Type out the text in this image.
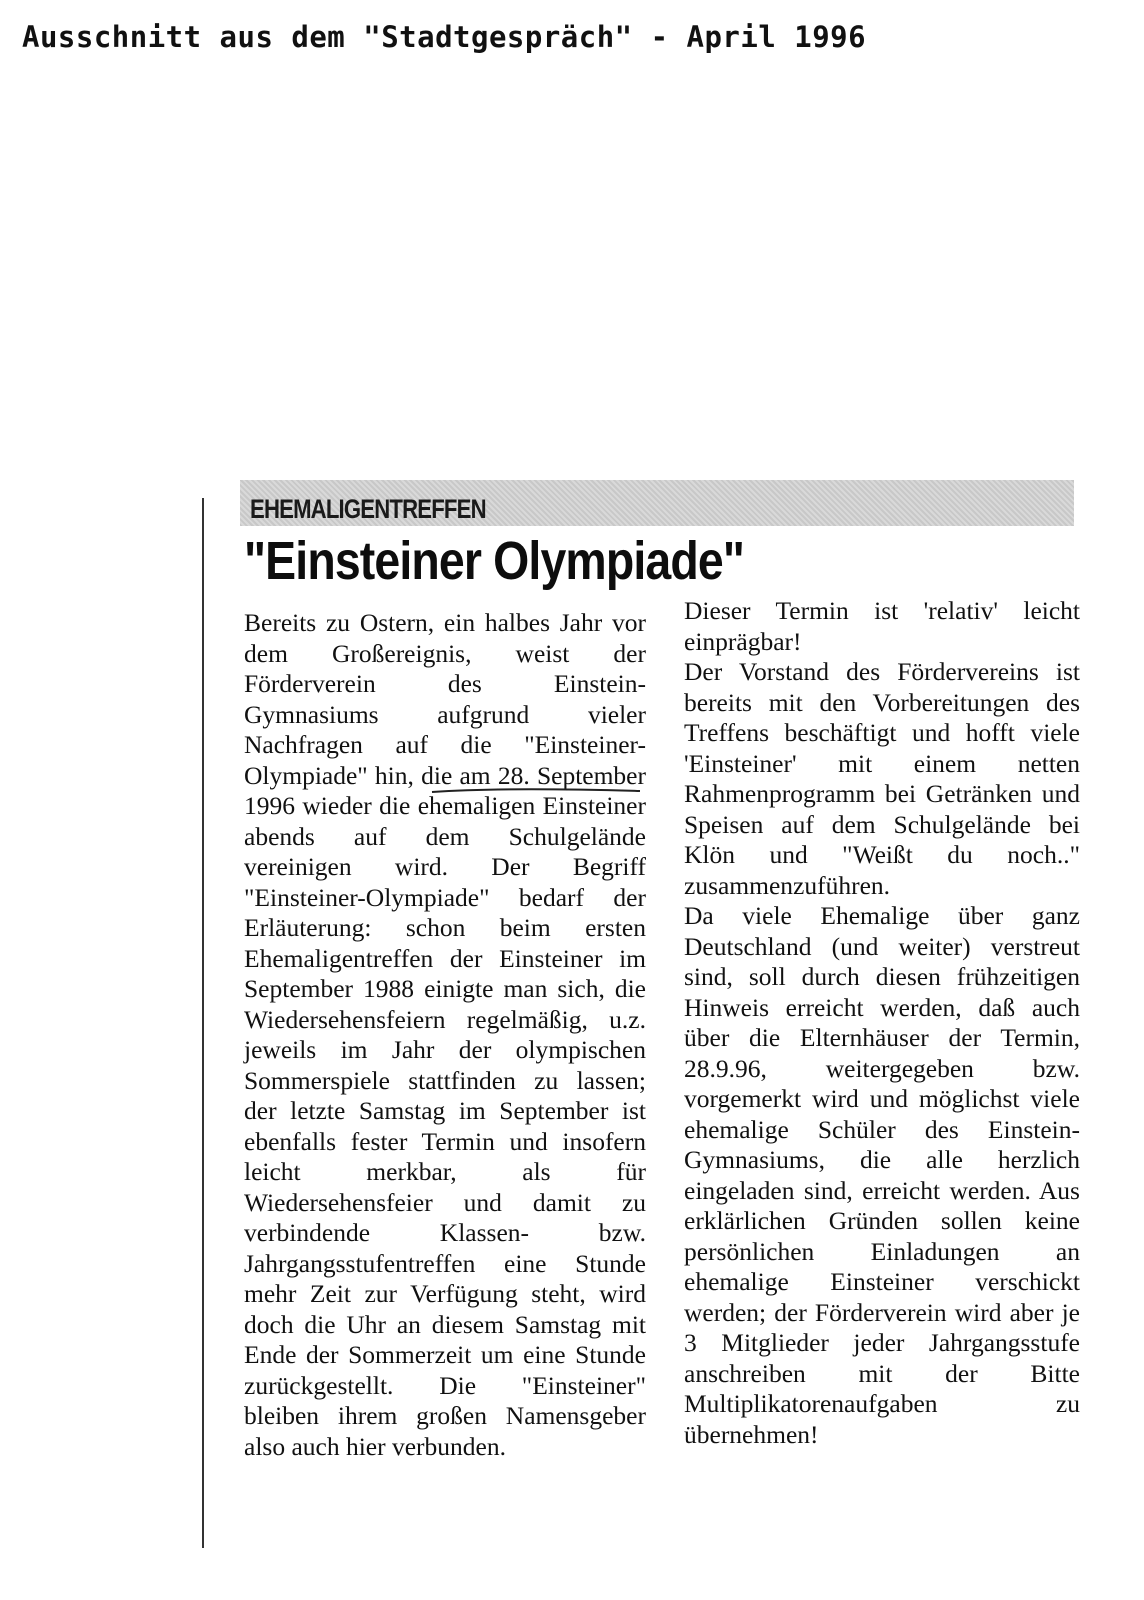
Ausschnitt aus dem "Stadtgespräch" - April 1996
EHEMALIGENTREFFEN
"Einsteiner Olympiade"

Bereits zu Ostern, ein halbes Jahr vor dem Großereignis, weist der Förderverein des Einstein-Gymnasiums aufgrund vieler Nachfragen auf die "Einsteiner-Olympiade" hin, die am 28. September 1996 wieder die ehemaligen Einsteiner abends auf dem Schulgelände vereinigen wird. Der Begriff "Einsteiner-Olympiade" bedarf der Erläuterung: schon beim ersten Ehemaligentreffen der Einsteiner im September 1988 einigte man sich, die Wiedersehensfeiern regelmäßig, u.z. jeweils im Jahr der olympischen Sommerspiele stattfinden zu lassen; der letzte Samstag im September ist ebenfalls fester Termin und insofern leicht merkbar, als für Wiedersehensfeier und damit zu verbindende Klassen- bzw. Jahrgangsstufentreffen eine Stunde mehr Zeit zur Verfügung steht, wird doch die Uhr an diesem Samstag mit Ende der Sommerzeit um eine Stunde zurückgestellt. Die "Einsteiner" bleiben ihrem großen Namensgeber also auch hier verbunden.

Dieser Termin ist 'relativ' leicht einprägbar!

Der Vorstand des Fördervereins ist bereits mit den Vorbereitungen des Treffens beschäftigt und hofft viele 'Einsteiner' mit einem netten Rahmenprogramm bei Getränken und Speisen auf dem Schulgelände bei Klön und "Weißt du noch.." zusammenzuführen.

Da viele Ehemalige über ganz Deutschland (und weiter) verstreut sind, soll durch diesen frühzeitigen Hinweis erreicht werden, daß auch über die Elternhäuser der Termin, 28.9.96, weitergegeben bzw. vorgemerkt wird und möglichst viele ehemalige Schüler des Einstein-Gymnasiums, die alle herzlich eingeladen sind, erreicht werden. Aus erklärlichen Gründen sollen keine persönlichen Einladungen an ehemalige Einsteiner verschickt werden; der Förderverein wird aber je 3 Mitglieder jeder Jahrgangsstufe anschreiben mit der Bitte Multiplikatorenaufgaben zu übernehmen!
